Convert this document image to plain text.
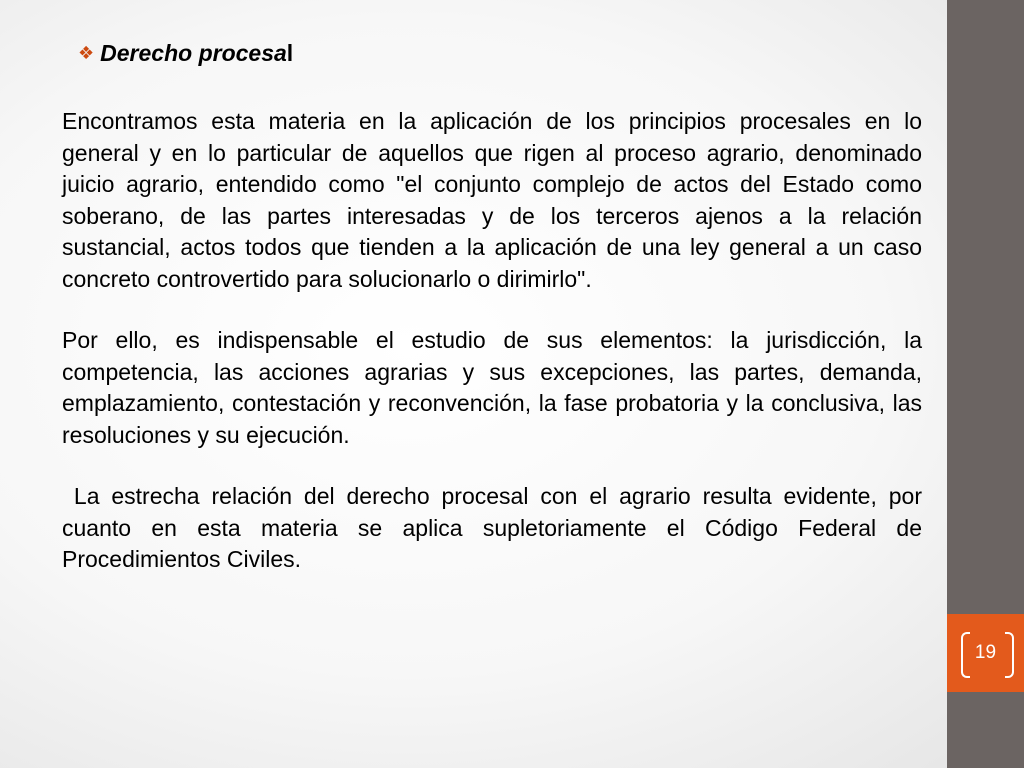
❖ Derecho procesa l

Encontramos esta materia en la aplicación de los principios procesales en lo general y en lo particular de aquellos que rigen al proceso agrario, denominado juicio agrario, entendido como "el conjunto complejo de actos del Estado como soberano, de las partes interesadas y de los terceros ajenos a la relación sustancial, actos todos que tienden a la aplicación de una ley general a un caso concreto controvertido para solucionarlo o dirimirlo".

Por ello, es indispensable el estudio de sus elementos: la jurisdicción, la competencia, las acciones agrarias y sus excepciones, las partes, demanda, emplazamiento, contestación y reconvención, la fase probatoria y la conclusiva, las resoluciones y su ejecución.

La estrecha relación del derecho procesal con el agrario resulta evidente, por cuanto en esta materia se aplica supletoriamente el Código Federal de Procedimientos Civiles.

19
